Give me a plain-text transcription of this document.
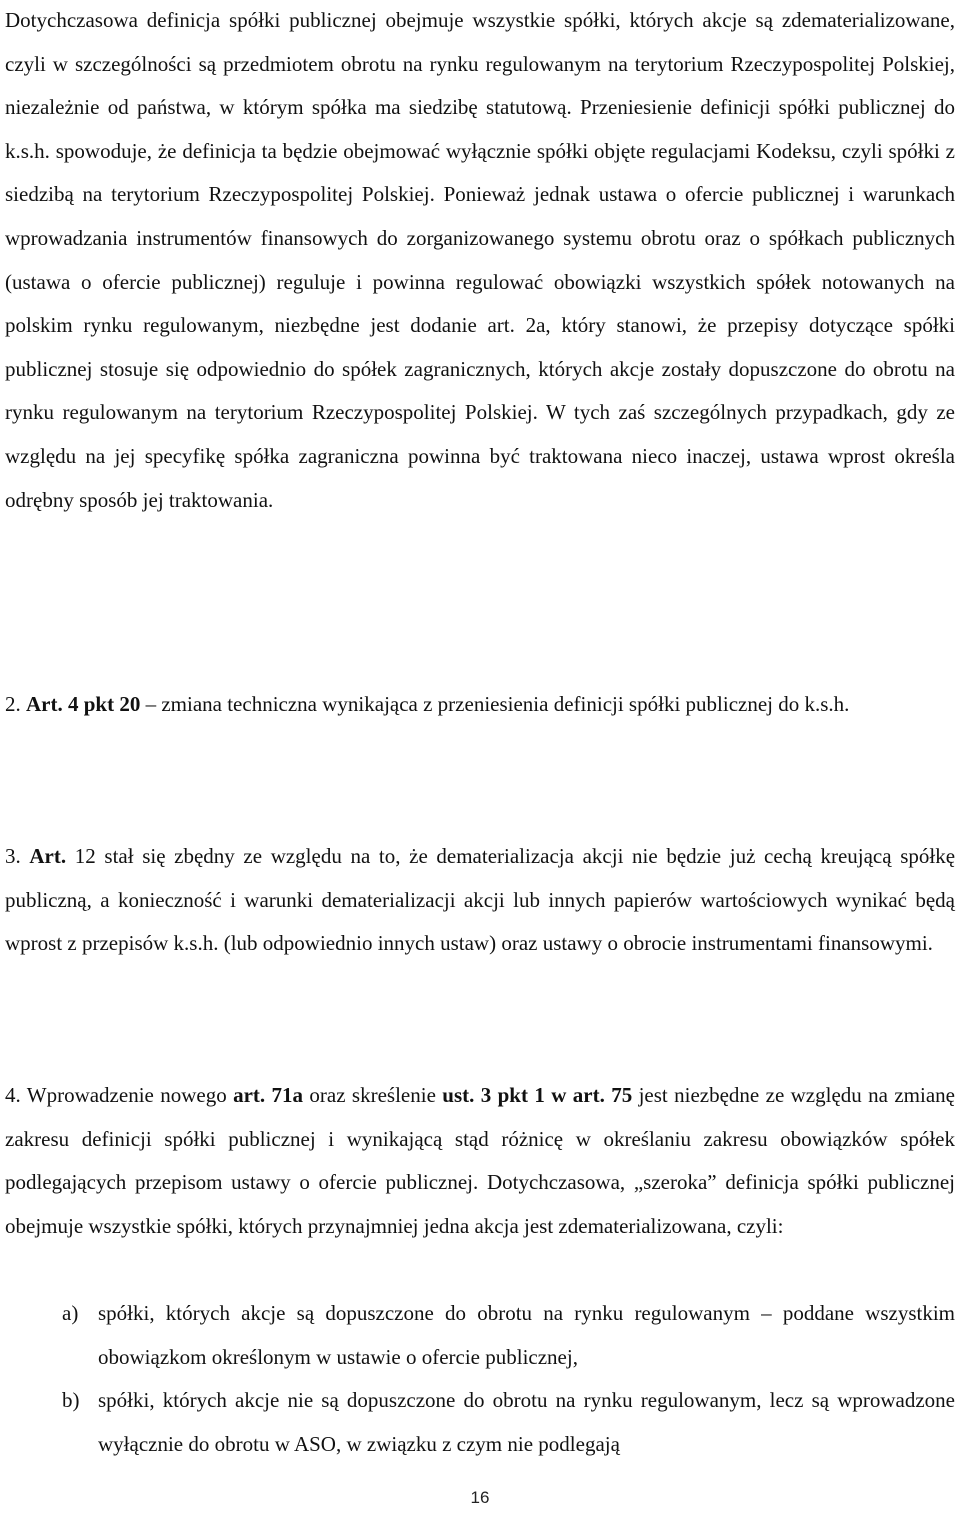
Dotychczasowa definicja spółki publicznej obejmuje wszystkie spółki, których akcje są zdematerializowane, czyli w szczególności są przedmiotem obrotu na rynku regulowanym na terytorium Rzeczypospolitej Polskiej, niezależnie od państwa, w którym spółka ma siedzibę statutową. Przeniesienie definicji spółki publicznej do k.s.h. spowoduje, że definicja ta będzie obejmować wyłącznie spółki objęte regulacjami Kodeksu, czyli spółki z siedzibą na terytorium Rzeczypospolitej Polskiej. Ponieważ jednak ustawa o ofercie publicznej i warunkach wprowadzania instrumentów finansowych do zorganizowanego systemu obrotu oraz o spółkach publicznych (ustawa o ofercie publicznej) reguluje i powinna regulować obowiązki wszystkich spółek notowanych na polskim rynku regulowanym, niezbędne jest dodanie art. 2a, który stanowi, że przepisy dotyczące spółki publicznej stosuje się odpowiednio do spółek zagranicznych, których akcje zostały dopuszczone do obrotu na rynku regulowanym na terytorium Rzeczypospolitej Polskiej. W tych zaś szczególnych przypadkach, gdy ze względu na jej specyfikę spółka zagraniczna powinna być traktowana nieco inaczej, ustawa wprost określa odrębny sposób jej traktowania.

2. Art. 4 pkt 20 – zmiana techniczna wynikająca z przeniesienia definicji spółki publicznej do k.s.h.

3. Art. 12 stał się zbędny ze względu na to, że dematerializacja akcji nie będzie już cechą kreującą spółkę publiczną, a konieczność i warunki dematerializacji akcji lub innych papierów wartościowych wynikać będą wprost z przepisów k.s.h. (lub odpowiednio innych ustaw) oraz ustawy o obrocie instrumentami finansowymi.

4. Wprowadzenie nowego art. 71a oraz skreślenie ust. 3 pkt 1 w art. 75 jest niezbędne ze względu na zmianę zakresu definicji spółki publicznej i wynikającą stąd różnicę w określaniu zakresu obowiązków spółek podlegających przepisom ustawy o ofercie publicznej. Dotychczasowa, „szeroka” definicja spółki publicznej obejmuje wszystkie spółki, których przynajmniej jedna akcja jest zdematerializowana, czyli:

a) spółki, których akcje są dopuszczone do obrotu na rynku regulowanym – poddane wszystkim obowiązkom określonym w ustawie o ofercie publicznej,
b) spółki, których akcje nie są dopuszczone do obrotu na rynku regulowanym, lecz są wprowadzone wyłącznie do obrotu w ASO, w związku z czym nie podlegają
16
